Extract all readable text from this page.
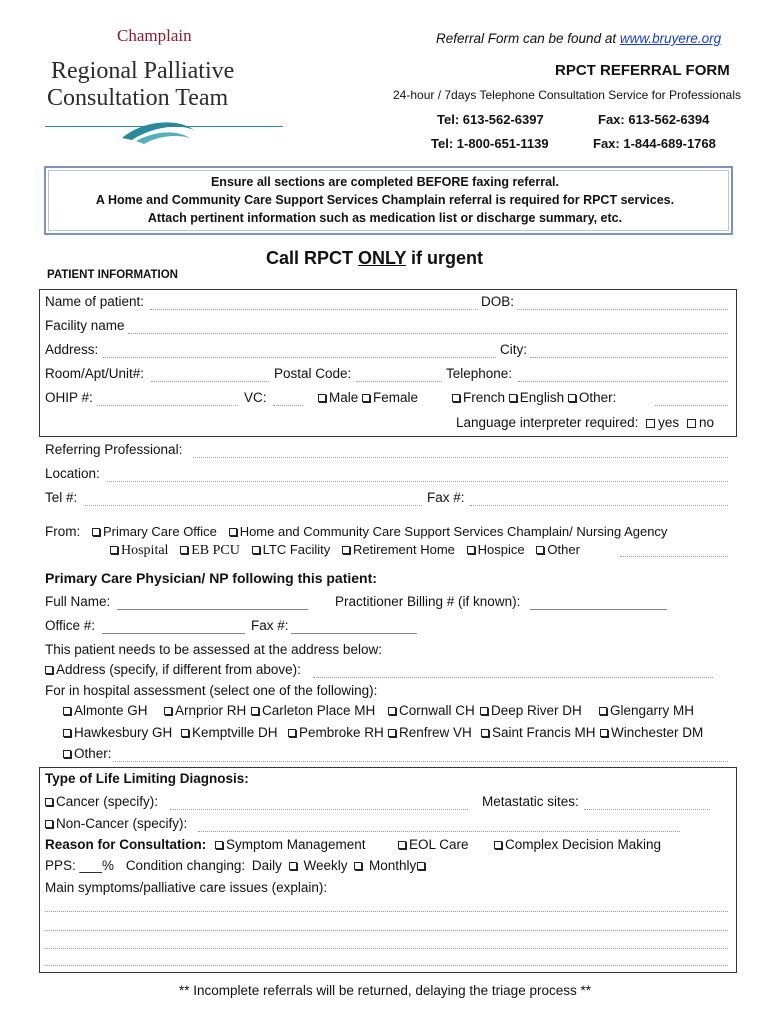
Champlain
Regional Palliative
Consultation Team
Referral Form can be found at www.bruyere.org
RPCT REFERRAL FORM
24-hour / 7days Telephone Consultation Service for Professionals
Tel: 613-562-6397	Fax: 613-562-6394
Tel: 1-800-651-1139	Fax: 1-844-689-1768
Ensure all sections are completed BEFORE faxing referral.
A Home and Community Care Support Services Champlain referral is required for RPCT services.
Attach pertinent information such as medication list or discharge summary, etc.
Call RPCT ONLY if urgent
PATIENT INFORMATION
Name of patient:	DOB:
Facility name
Address:	City:
Room/Apt/Unit#:	Postal Code:	Telephone:
OHIP #:	VC:	Male Female	French English Other:
Language interpreter required: yes no
Referring Professional:
Location:
Tel #:	Fax #:
From: Primary Care Office Home and Community Care Support Services Champlain/ Nursing Agency
Hospital EB PCU LTC Facility Retirement Home Hospice Other
Primary Care Physician/ NP following this patient:
Full Name:	Practitioner Billing # (if known):
Office #:	Fax #:
This patient needs to be assessed at the address below:
Address (specify, if different from above):
For in hospital assessment (select one of the following):
Almonte GH	Arnprior RH	Carleton Place MH	Cornwall CH	Deep River DH	Glengarry MH
Hawkesbury GH	Kemptville DH	Pembroke RH	Renfrew VH	Saint Francis MH	Winchester DM
Other:
Type of Life Limiting Diagnosis:
Cancer (specify):	Metastatic sites:
Non-Cancer (specify):
Reason for Consultation:	Symptom Management	EOL Care	Complex Decision Making
PPS: ___% Condition changing: Daily Weekly Monthly
Main symptoms/palliative care issues (explain):
** Incomplete referrals will be returned, delaying the triage process **
